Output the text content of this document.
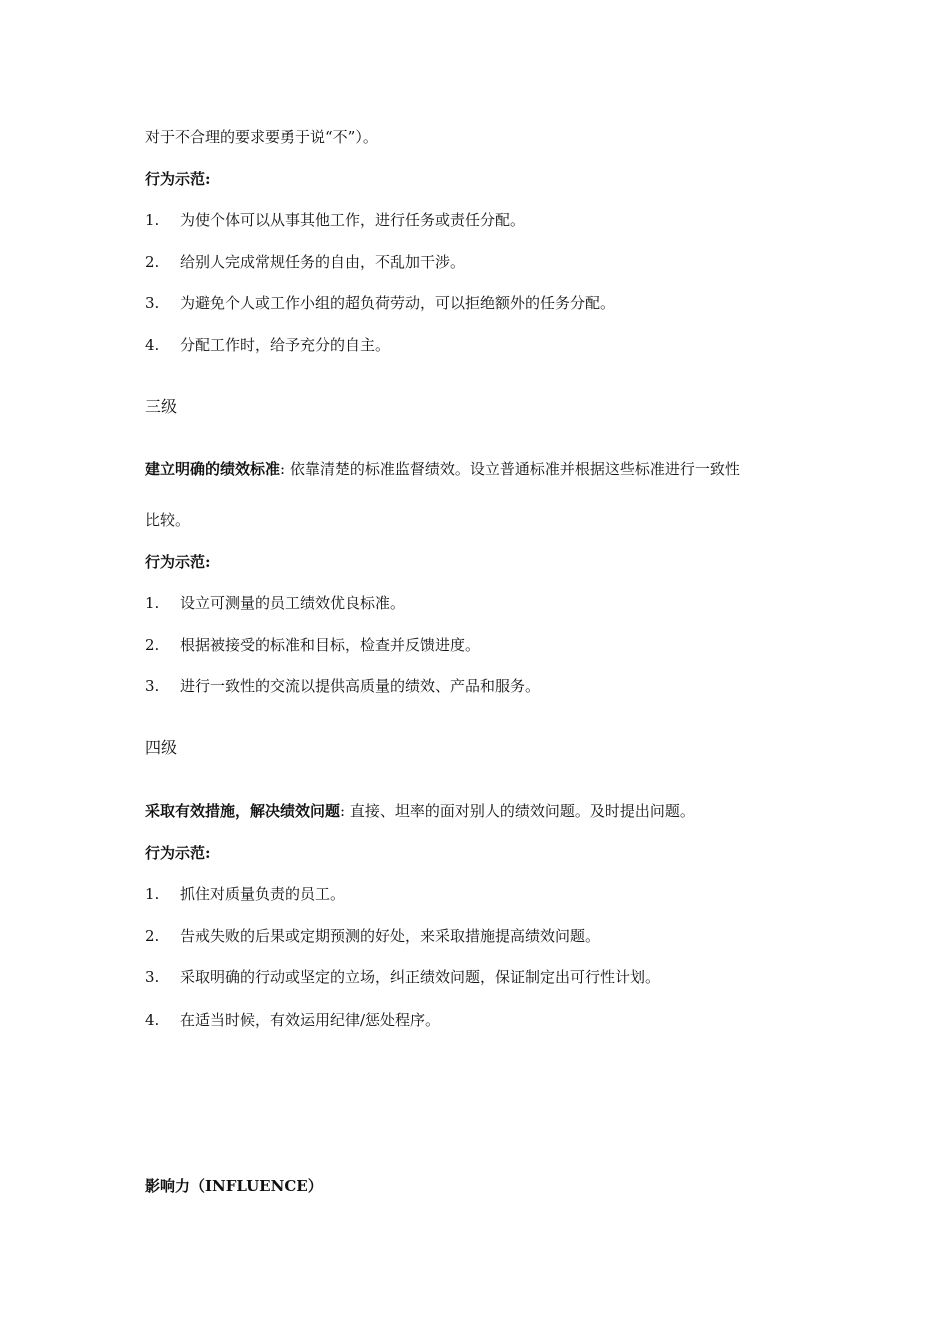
对于不合理的要求要勇于说“不”）。
行为示范:
1. 为使个体可以从事其他工作，进行任务或责任分配。
2. 给别人完成常规任务的自由，不乱加干涉。
3. 为避免个人或工作小组的超负荷劳动，可以拒绝额外的任务分配。
4. 分配工作时，给予充分的自主。
三级
建立明确的绩效标准: 依靠清楚的标准监督绩效。设立普通标准并根据这些标准进行一致性
比较。
行为示范:
1. 设立可测量的员工绩效优良标准。
2. 根据被接受的标准和目标，检查并反馈进度。
3. 进行一致性的交流以提供高质量的绩效、产品和服务。
四级
采取有效措施，解决绩效问题: 直接、坦率的面对别人的绩效问题。及时提出问题。
行为示范:
1. 抓住对质量负责的员工。
2. 告戒失败的后果或定期预测的好处，来采取措施提高绩效问题。
3. 采取明确的行动或坚定的立场，纠正绩效问题，保证制定出可行性计划。
4. 在适当时候，有效运用纪律/惩处程序。
影响力（INFLUENCE）
